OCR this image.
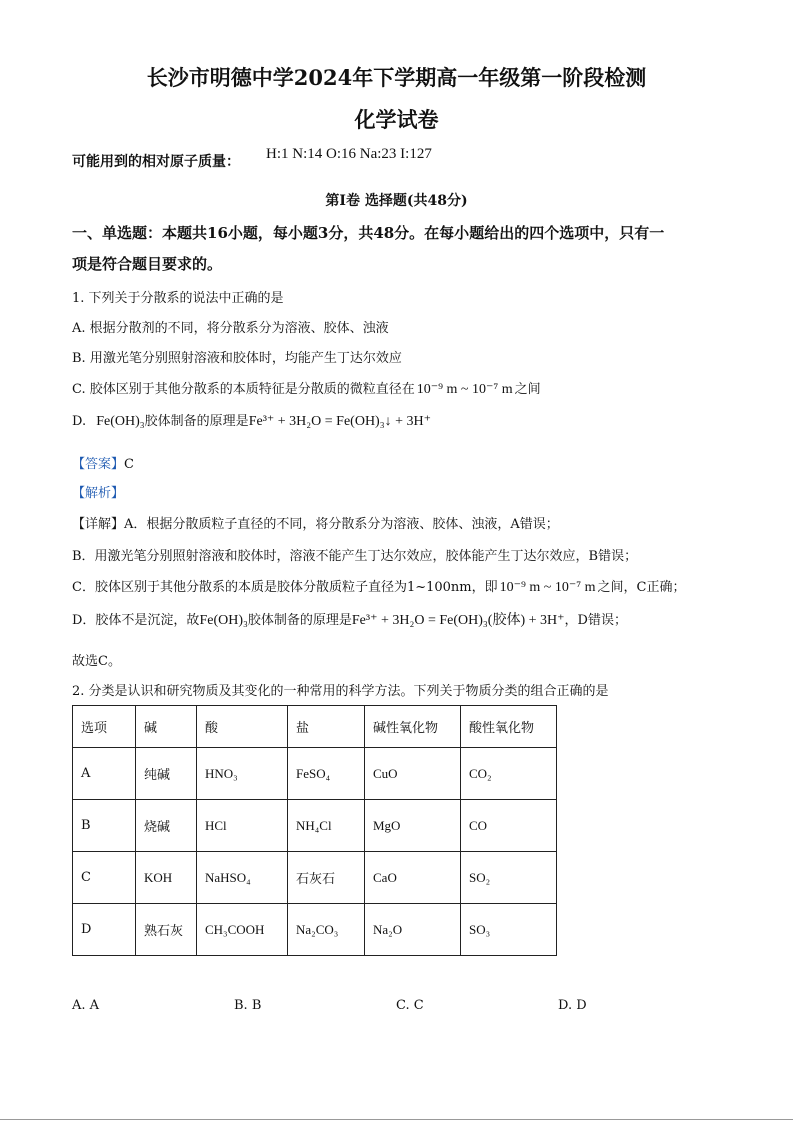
长沙市明德中学2024年下学期高一年级第一阶段检测
化学试卷
可能用到的相对原子质量： H:1 N:14 O:16 Na:23 I:127
第Ⅰ卷 选择题(共48分)
一、单选题：本题共16小题，每小题3分，共48分。在每小题给出的四个选项中，只有一
项是符合题目要求的。
1. 下列关于分散系的说法中正确的是
A. 根据分散剂的不同，将分散系分为溶液、胶体、浊液
B. 用激光笔分别照射溶液和胶体时，均能产生丁达尔效应
C. 胶体区别于其他分散系的本质特征是分散质的微粒直径在 10⁻⁹ m ~ 10⁻⁷ m 之间
D. Fe(OH)₃胶体制备的原理是Fe³⁺ + 3H₂O = Fe(OH)₃↓ + 3H⁺
【答案】C
【解析】
【详解】A．根据分散质粒子直径的不同，将分散系分为溶液、胶体、浊液，A错误；
B．用激光笔分别照射溶液和胶体时，溶液不能产生丁达尔效应，胶体能产生丁达尔效应，B错误；
C．胶体区别于其他分散系的本质是胶体分散质粒子直径为1~100nm，即 10⁻⁹ m ~ 10⁻⁷ m 之间，C正确；
D．胶体不是沉淀，故Fe(OH)₃胶体制备的原理是Fe³⁺ + 3H₂O = Fe(OH)₃(胶体) + 3H⁺，D错误；
故选C。
2. 分类是认识和研究物质及其变化的一种常用的科学方法。下列关于物质分类的组合正确的是
选项	碱	酸	盐	碱性氧化物	酸性氧化物
A	纯碱	HNO₃	FeSO₄	CuO	CO₂
B	烧碱	HCl	NH₄Cl	MgO	CO
C	KOH	NaHSO₄	石灰石	CaO	SO₂
D	熟石灰	CH₃COOH	Na₂CO₃	Na₂O	SO₃
A. A	B. B	C. C	D. D
